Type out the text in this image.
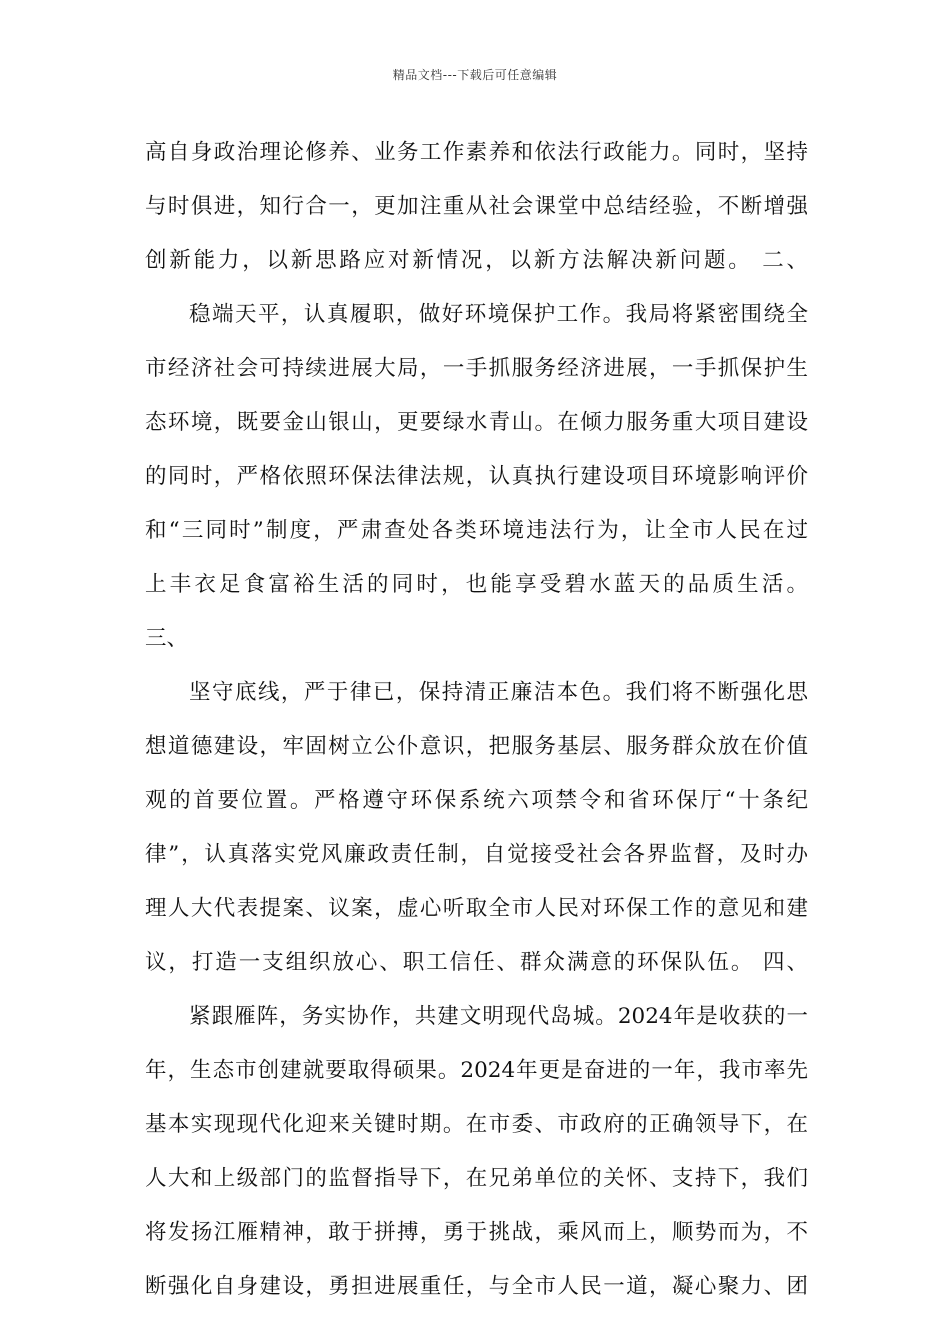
精品文档---下载后可任意编辑
高自身政治理论修养、业务工作素养和依法行政能力。同时，坚持
与时俱进，知行合一，更加注重从社会课堂中总结经验，不断增强
创新能力，以新思路应对新情况，以新方法解决新问题。 二、
稳端天平，认真履职，做好环境保护工作。我局将紧密围绕全
市经济社会可持续进展大局，一手抓服务经济进展，一手抓保护生
态环境，既要金山银山，更要绿水青山。在倾力服务重大项目建设
的同时，严格依照环保法律法规，认真执行建设项目环境影响评价
和“三同时”制度，严肃查处各类环境违法行为，让全市人民在过
上丰衣足食富裕生活的同时，也能享受碧水蓝天的品质生活。
三、
坚守底线，严于律已，保持清正廉洁本色。我们将不断强化思
想道德建设，牢固树立公仆意识，把服务基层、服务群众放在价值
观的首要位置。严格遵守环保系统六项禁令和省环保厅“十条纪
律”，认真落实党风廉政责任制，自觉接受社会各界监督，及时办
理人大代表提案、议案，虚心听取全市人民对环保工作的意见和建
议，打造一支组织放心、职工信任、群众满意的环保队伍。 四、
紧跟雁阵，务实协作，共建文明现代岛城。2024年是收获的一
年，生态市创建就要取得硕果。2024年更是奋进的一年，我市率先
基本实现现代化迎来关键时期。在市委、市政府的正确领导下，在
人大和上级部门的监督指导下，在兄弟单位的关怀、支持下，我们
将发扬江雁精神，敢于拼搏，勇于挑战，乘风而上，顺势而为，不
断强化自身建设，勇担进展重任，与全市人民一道，凝心聚力、团
